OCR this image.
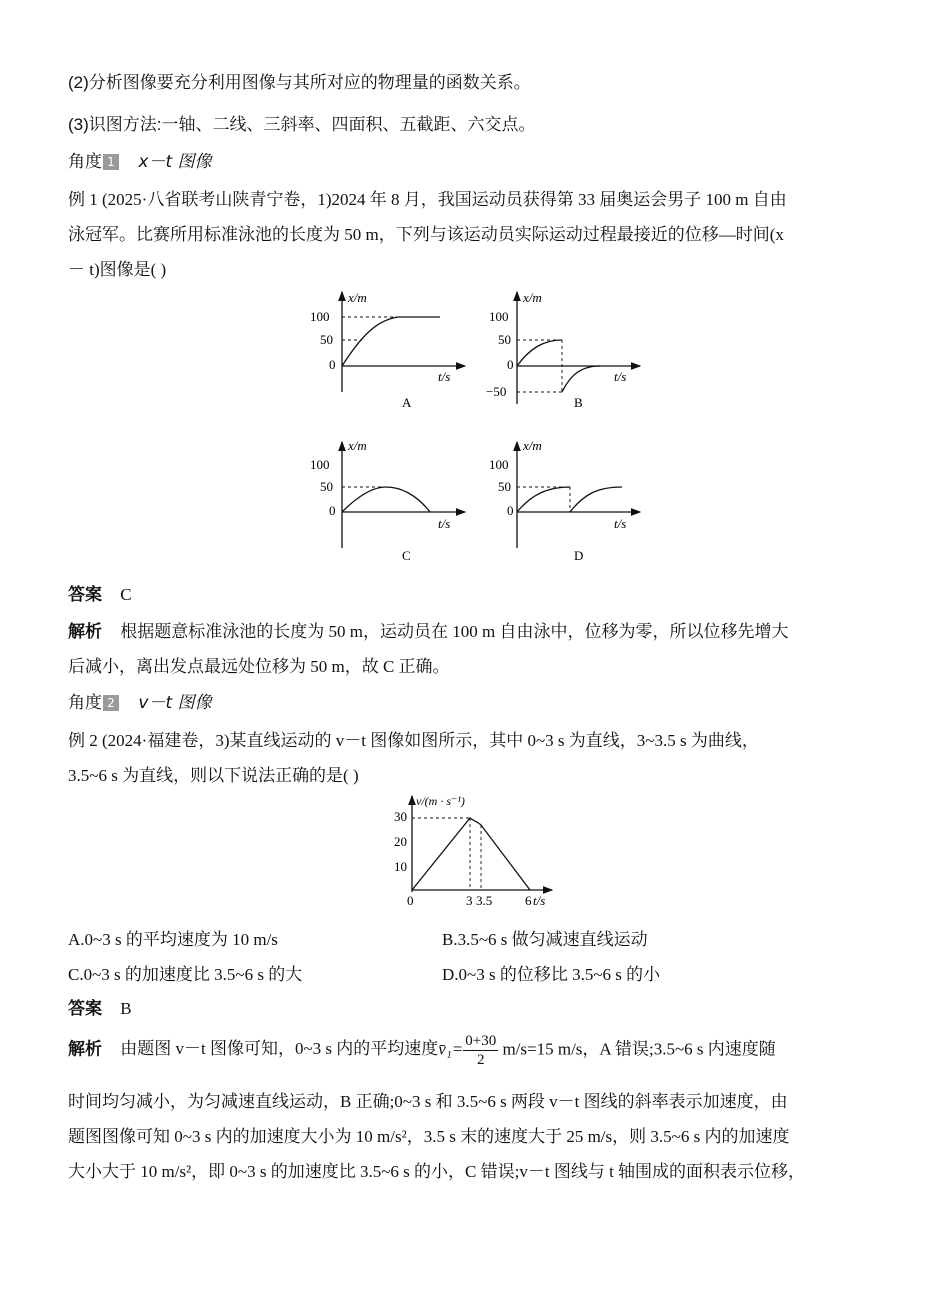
(2)分析图像要充分利用图像与其所对应的物理量的函数关系。
(3)识图方法:一轴、二线、三斜率、四面积、五截距、六交点。
角度 1 x－t 图像
例 1 (2025·八省联考山陕青宁卷，1)2024 年 8 月，我国运动员获得第 33 届奥运会男子 100 m 自由
泳冠军。比赛所用标准泳池的长度为 50 m，下列与该运动员实际运动过程最接近的位移—时间(x
－ t)图像是( )
x/m
t/s
100
50
0
A
x/m
t/s
100
50
0
−50
B
x/m
t/s
100
50
0
C
x/m
t/s
100
50
0
D
答案 C
解析 根据题意标准泳池的长度为 50 m，运动员在 100 m 自由泳中，位移为零，所以位移先增大
后减小，离出发点最远处位移为 50 m，故 C 正确。
角度 2 v－t 图像
例 2 (2024·福建卷，3)某直线运动的 v－t 图像如图所示，其中 0~3 s 为直线，3~3.5 s 为曲线，
3.5~6 s 为直线，则以下说法正确的是( )
v/(m · s⁻¹)
30
20
10
0	3 3.5	6 t/s
A.0~3 s 的平均速度为 10 m/s	B.3.5~6 s 做匀减速直线运动
C.0~3 s 的加速度比 3.5~6 s 的大	D.0~3 s 的位移比 3.5~6 s 的小
答案 B
解析 由题图 v－t 图像可知，0~3 s 内的平均速度v̄₁= $\frac{0+30}{2} m/s=15$ m/s，A 错误;3.5~6 s 内速度随
时间均匀减小，为匀减速直线运动，B 正确;0~3 s 和 3.5~6 s 两段 v－t 图线的斜率表示加速度，由
题图图像可知 0~3 s 内的加速度大小为 10 m/s²，3.5 s 末的速度大于 25 m/s，则 3.5~6 s 内的加速度
大小大于 10 m/s²，即 0~3 s 的加速度比 3.5~6 s 的小，C 错误;v－t 图线与 t 轴围成的面积表示位移，
